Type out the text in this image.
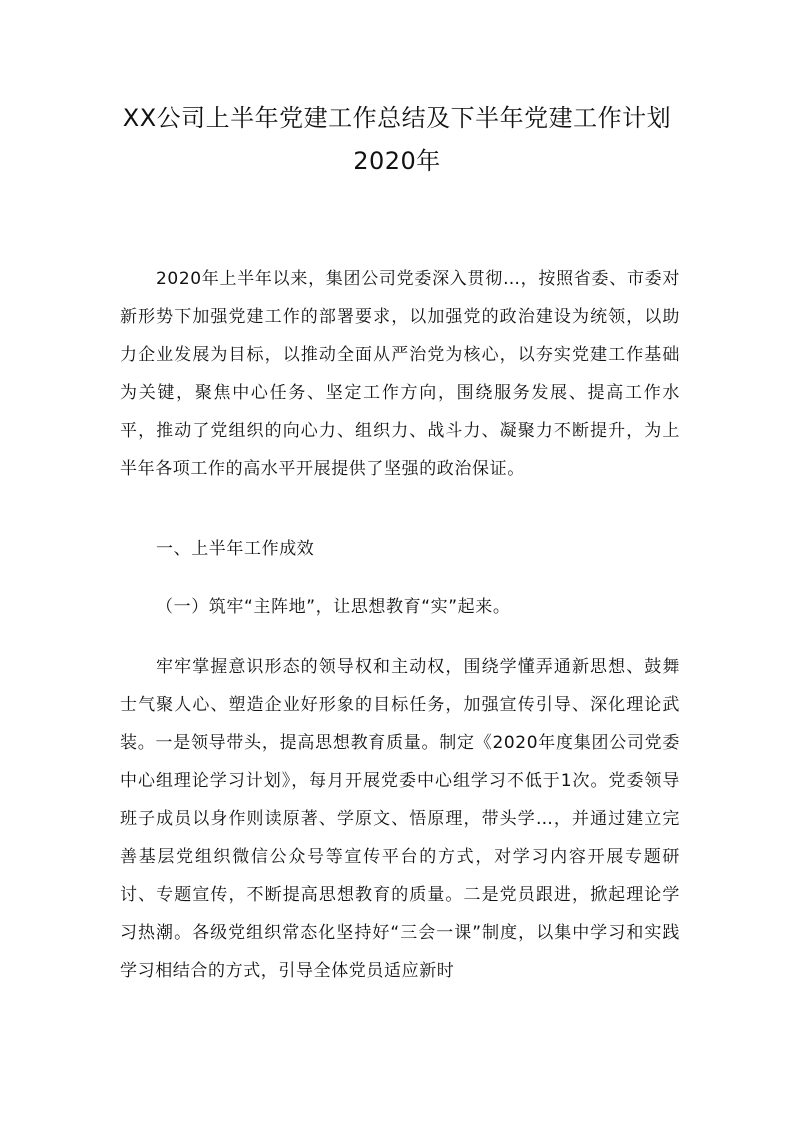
XX公司上半年党建工作总结及下半年党建工作计划
2020年

2020年上半年以来，集团公司党委深入贯彻…，按照省委、市委对新形势下加强党建工作的部署要求，以加强党的政治建设为统领，以助力企业发展为目标，以推动全面从严治党为核心，以夯实党建工作基础为关键，聚焦中心任务、坚定工作方向，围绕服务发展、提高工作水平，推动了党组织的向心力、组织力、战斗力、凝聚力不断提升，为上半年各项工作的高水平开展提供了坚强的政治保证。

一、上半年工作成效

（一）筑牢“主阵地”，让思想教育“实”起来。

牢牢掌握意识形态的领导权和主动权，围绕学懂弄通新思想、鼓舞士气聚人心、塑造企业好形象的目标任务，加强宣传引导、深化理论武装。一是领导带头，提高思想教育质量。制定《2020年度集团公司党委中心组理论学习计划》，每月开展党委中心组学习不低于1次。党委领导班子成员以身作则读原著、学原文、悟原理，带头学…，并通过建立完善基层党组织微信公众号等宣传平台的方式，对学习内容开展专题研讨、专题宣传，不断提高思想教育的质量。二是党员跟进，掀起理论学习热潮。各级党组织常态化坚持好“三会一课”制度，以集中学习和实践学习相结合的方式，引导全体党员适应新时
